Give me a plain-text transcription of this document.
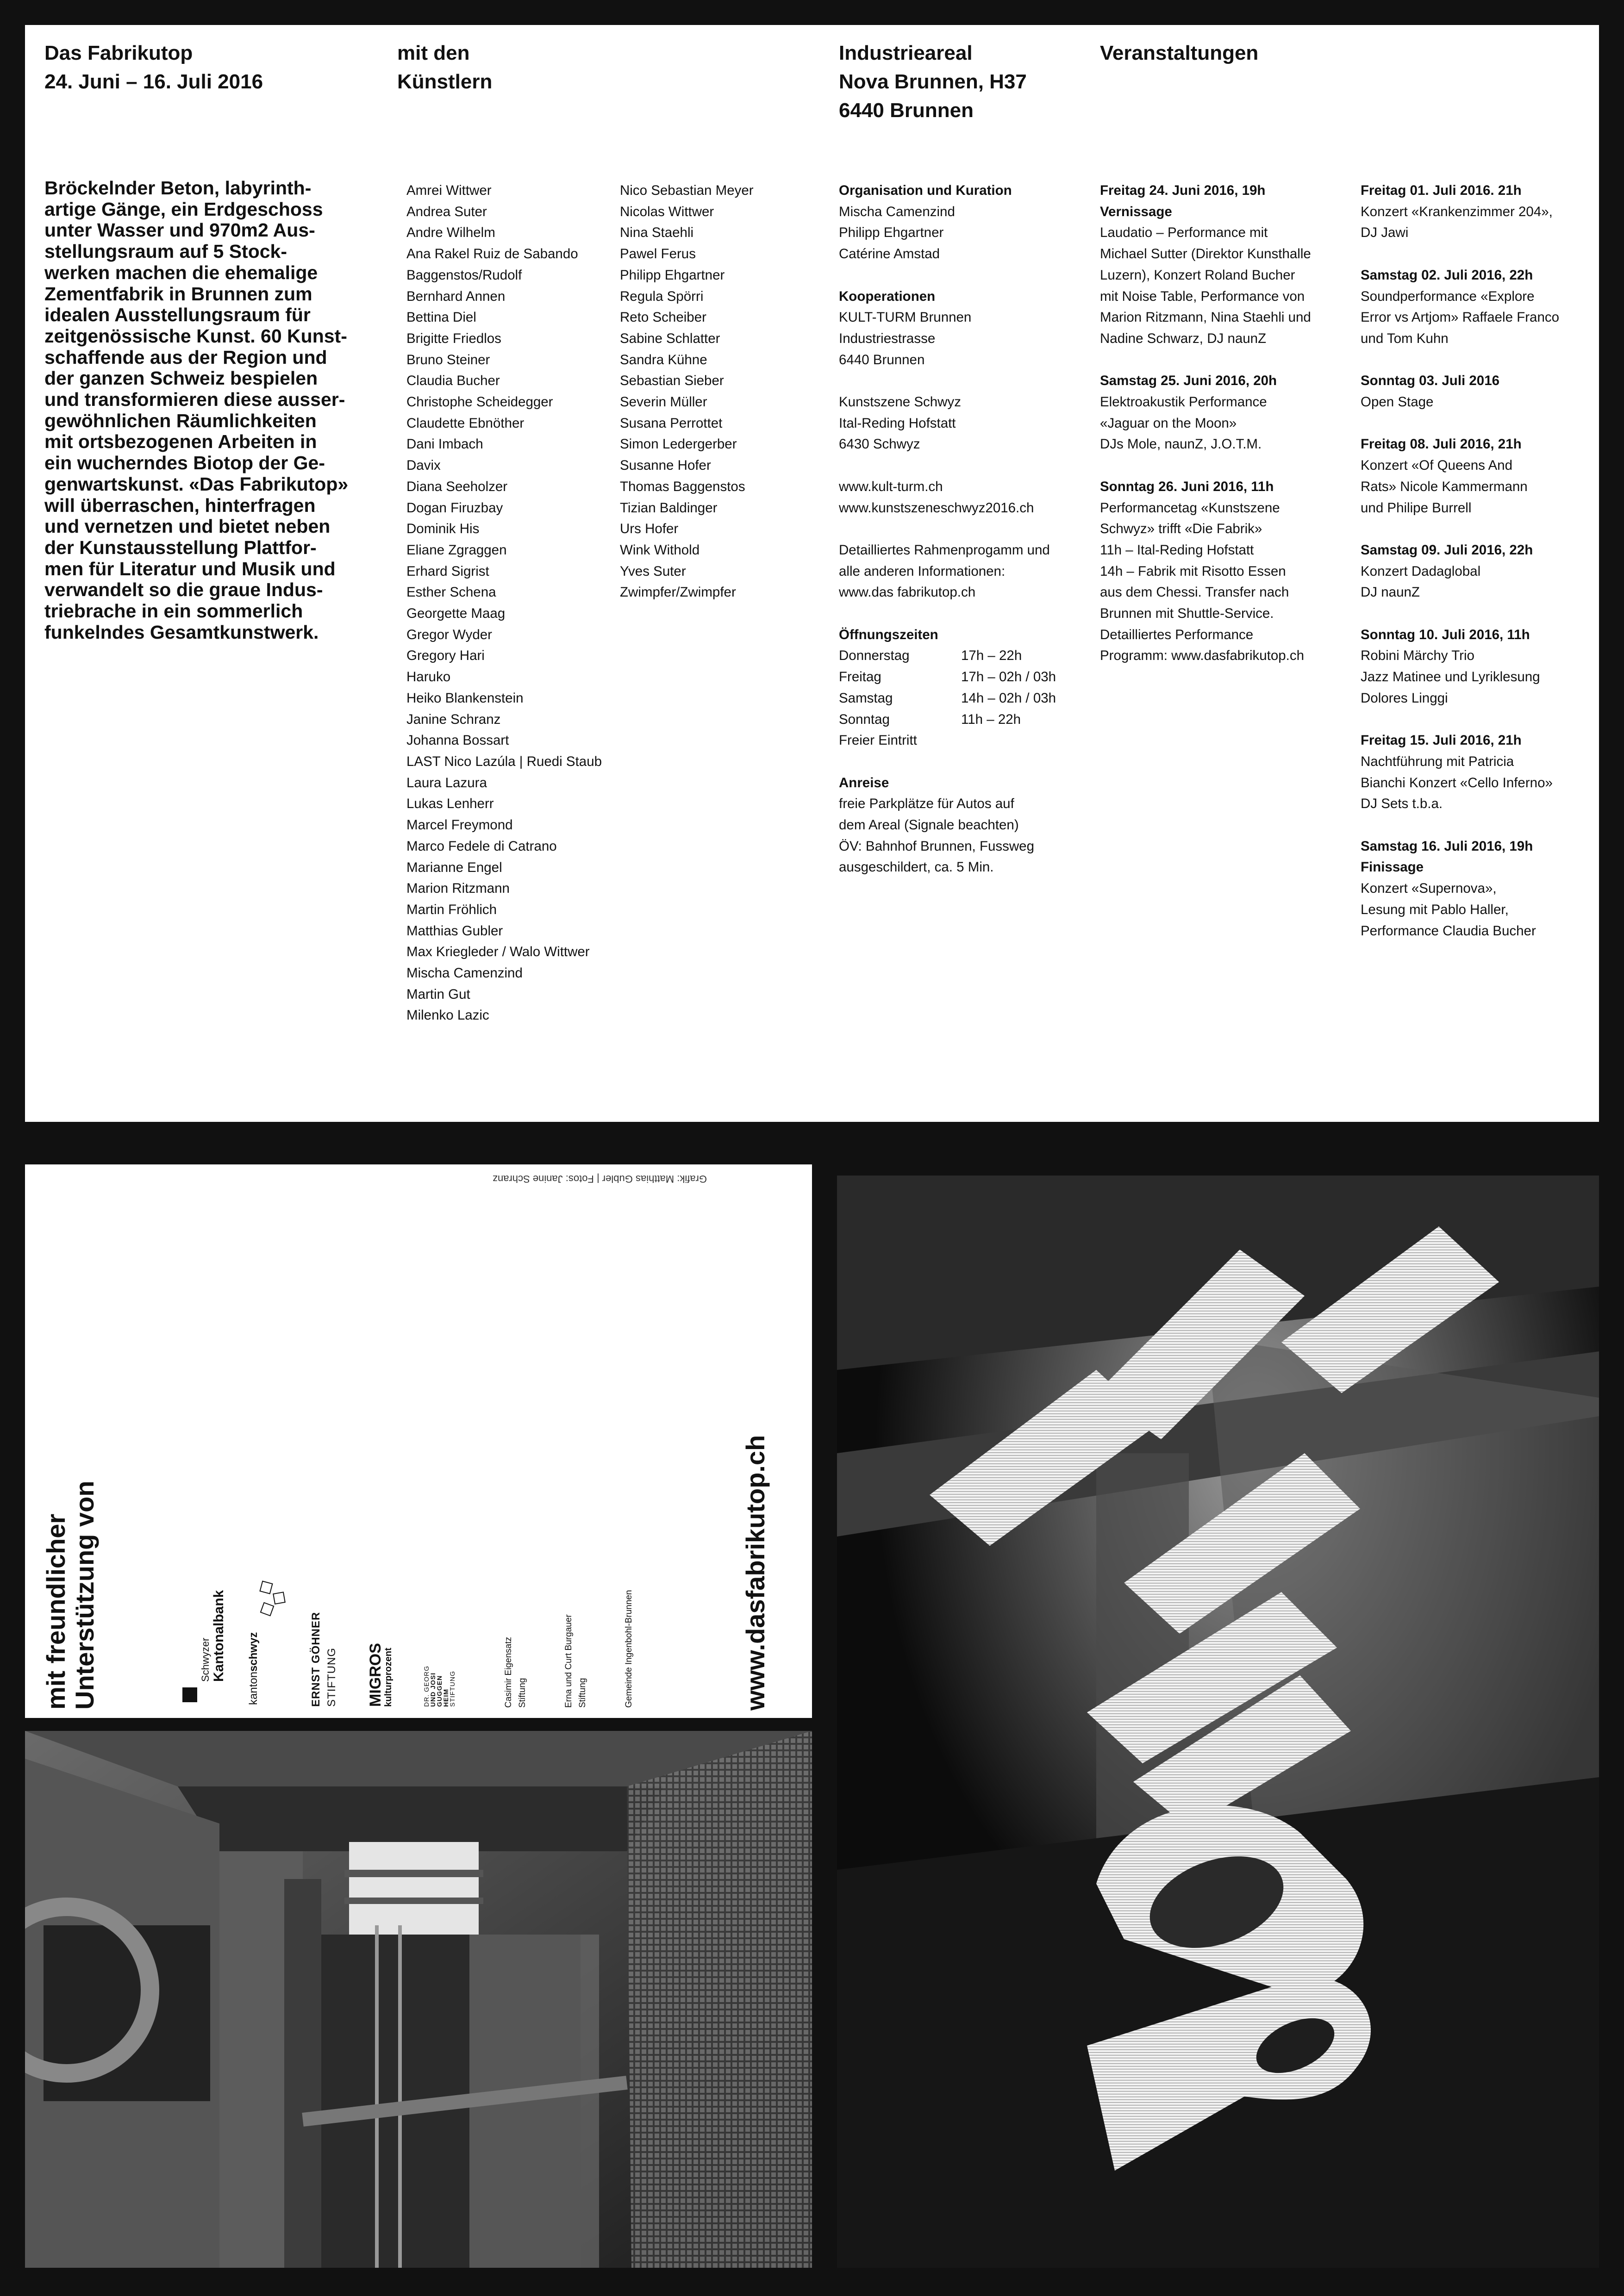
Das Fabrikutop
24. Juni – 16. Juli 2016
mit den
Künstlern
Industrieareal
Nova Brunnen, H37
6440 Brunnen
Veranstaltungen

Bröckelnder Beton, labyrinth-

artige Gänge, ein Erdgeschoss

unter Wasser und 970m2 Aus-

stellungsraum auf 5 Stock-

werken machen die ehemalige

Zementfabrik in Brunnen zum

idealen Ausstellungsraum für

zeitgenössische Kunst. 60 Kunst-

schaffende aus der Region und

der ganzen Schweiz bespielen

und transformieren diese ausser-

gewöhnlichen Räumlichkeiten

mit ortsbezogenen Arbeiten in

ein wucherndes Biotop der Ge-

genwartskunst. «Das Fabrikutop»

will überraschen, hinterfragen

und vernetzen und bietet neben

der Kunstausstellung Plattfor-

men für Literatur und Musik und

verwandelt so die graue Indus-

triebrache in ein sommerlich

funkelndes Gesamtkunstwerk.

Amrei Wittwer
Andrea Suter
Andre Wilhelm
Ana Rakel Ruiz de Sabando
Baggenstos/Rudolf
Bernhard Annen
Bettina Diel
Brigitte Friedlos
Bruno Steiner
Claudia Bucher
Christophe Scheidegger
Claudette Ebnöther
Dani Imbach
Davix
Diana Seeholzer
Dogan Firuzbay
Dominik His
Eliane Zgraggen
Erhard Sigrist
Esther Schena
Georgette Maag
Gregor Wyder
Gregory Hari
Haruko
Heiko Blankenstein
Janine Schranz
Johanna Bossart
LAST Nico Lazúla | Ruedi Staub
Laura Lazura
Lukas Lenherr
Marcel Freymond
Marco Fedele di Catrano
Marianne Engel
Marion Ritzmann
Martin Fröhlich
Matthias Gubler
Max Kriegleder / Walo Wittwer
Mischa Camenzind
Martin Gut
Milenko Lazic
Nico Sebastian Meyer
Nicolas Wittwer
Nina Staehli
Pawel Ferus
Philipp Ehgartner
Regula Spörri
Reto Scheiber
Sabine Schlatter
Sandra Kühne
Sebastian Sieber
Severin Müller
Susana Perrottet
Simon Ledergerber
Susanne Hofer
Thomas Baggenstos
Tizian Baldinger
Urs Hofer
Wink Withold
Yves Suter
Zwimpfer/Zwimpfer
Organisation und Kuration
Mischa Camenzind
Philipp Ehgartner
Catérine Amstad
Kooperationen
KULT-TURM Brunnen
Industriestrasse
6440 Brunnen
Kunstszene Schwyz
Ital-Reding Hofstatt
6430 Schwyz
www.kult-turm.ch
www.kunstszeneschwyz2016.ch
Detailliertes Rahmenprogamm und
alle anderen Informationen:
www.das fabrikutop.ch
Öffnungszeiten
Donnerstag	17h – 22h
Freitag	17h – 02h / 03h
Samstag	14h – 02h / 03h
Sonntag	11h – 22h
Freier Eintritt
Anreise
freie Parkplätze für Autos auf
dem Areal (Signale beachten)
ÖV: Bahnhof Brunnen, Fussweg
ausgeschildert, ca. 5 Min.
Freitag 24. Juni 2016, 19h
Vernissage
Laudatio – Performance mit
Michael Sutter (Direktor Kunsthalle
Luzern), Konzert Roland Bucher
mit Noise Table, Performance von
Marion Ritzmann, Nina Staehli und
Nadine Schwarz, DJ naunZ
Samstag 25. Juni 2016, 20h
Elektroakustik Performance
«Jaguar on the Moon»
DJs Mole, naunZ, J.O.T.M.
Sonntag 26. Juni 2016, 11h
Performancetag «Kunstszene
Schwyz» trifft «Die Fabrik»
11h – Ital-Reding Hofstatt
14h – Fabrik mit Risotto Essen
aus dem Chessi. Transfer nach
Brunnen mit Shuttle-Service.
Detailliertes Performance
Programm: www.dasfabrikutop.ch
Freitag 01. Juli 2016. 21h
Konzert «Krankenzimmer 204»,
DJ Jawi
Samstag 02. Juli 2016, 22h
Soundperformance «Explore
Error vs Artjom» Raffaele Franco
und Tom Kuhn
Sonntag 03. Juli 2016
Open Stage
Freitag 08. Juli 2016, 21h
Konzert «Of Queens And
Rats» Nicole Kammermann
und Philipe Burrell
Samstag 09. Juli 2016, 22h
Konzert Dadaglobal
DJ naunZ
Sonntag 10. Juli 2016, 11h
Robini Märchy Trio
Jazz Matinee und Lyriklesung
Dolores Linggi
Freitag 15. Juli 2016, 21h
Nachtführung mit Patricia
Bianchi Konzert «Cello Inferno»
DJ Sets t.b.a.
Samstag 16. Juli 2016, 19h
Finissage
Konzert «Supernova»,
Lesung mit Pablo Haller,
Performance Claudia Bucher
mit freundlicher Unterstützung von	Schwyzer Kantonalbank
kantonschwyz	ERNST GÖHNER STIFTUNG MIGROS
kulturprozent	DR. GEORG
UND JOSI
GUGGEN
HEIM
STIFTUNG	Casimir Eigensatz Stiftung	Erna und Curt Burgauer Stiftung	Gemeinde Ingenbohl-Brunnen	www.dasfabrikutop.ch
Grafik: Matthias Gubler | Fotos: Janine Schranz
